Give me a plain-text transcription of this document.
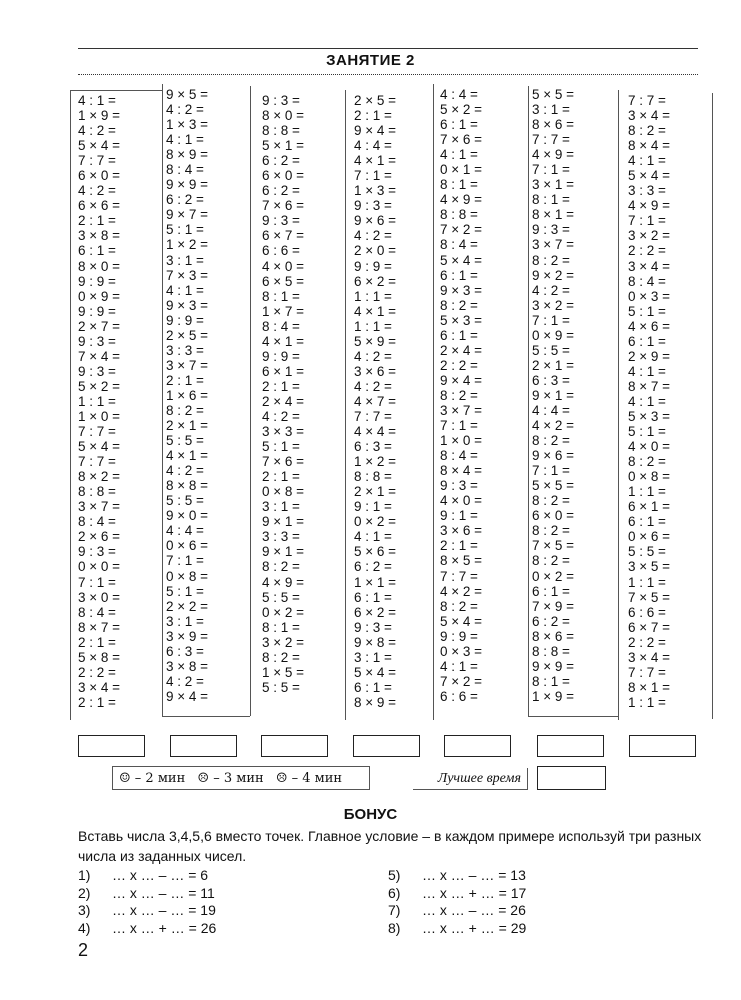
ЗАНЯТИЕ 2
4 : 1 =
1 × 9 =
4 : 2 =
5 × 4 =
7 : 7 =
6 × 0 =
4 : 2 =
6 × 6 =
2 : 1 =
3 × 8 =
6 : 1 =
8 × 0 =
9 : 9 =
0 × 9 =
9 : 9 =
2 × 7 =
9 : 3 =
7 × 4 =
9 : 3 =
5 × 2 =
1 : 1 =
1 × 0 =
7 : 7 =
5 × 4 =
7 : 7 =
8 × 2 =
8 : 8 =
3 × 7 =
8 : 4 =
2 × 6 =
9 : 3 =
0 × 0 =
7 : 1 =
3 × 0 =
8 : 4 =
8 × 7 =
2 : 1 =
5 × 8 =
2 : 2 =
3 × 4 =
2 : 1 =
9 × 5 =
4 : 2 =
1 × 3 =
4 : 1 =
8 × 9 =
8 : 4 =
9 × 9 =
6 : 2 =
9 × 7 =
5 : 1 =
1 × 2 =
3 : 1 =
7 × 3 =
4 : 1 =
9 × 3 =
9 : 9 =
2 × 5 =
3 : 3 =
3 × 7 =
2 : 1 =
1 × 6 =
8 : 2 =
2 × 1 =
5 : 5 =
4 × 1 =
4 : 2 =
8 × 8 =
5 : 5 =
9 × 0 =
4 : 4 =
0 × 6 =
7 : 1 =
0 × 8 =
5 : 1 =
2 × 2 =
3 : 1 =
3 × 9 =
6 : 3 =
3 × 8 =
4 : 2 =
9 × 4 =
9 : 3 =
8 × 0 =
8 : 8 =
5 × 1 =
6 : 2 =
6 × 0 =
6 : 2 =
7 × 6 =
9 : 3 =
6 × 7 =
6 : 6 =
4 × 0 =
6 × 5 =
8 : 1 =
1 × 7 =
8 : 4 =
4 × 1 =
9 : 9 =
6 × 1 =
2 : 1 =
2 × 4 =
4 : 2 =
3 × 3 =
5 : 1 =
7 × 6 =
2 : 1 =
0 × 8 =
3 : 1 =
9 × 1 =
3 : 3 =
9 × 1 =
8 : 2 =
4 × 9 =
5 : 5 =
0 × 2 =
8 : 1 =
3 × 2 =
8 : 2 =
1 × 5 =
5 : 5 =
2 × 5 =
2 : 1 =
9 × 4 =
4 : 4 =
4 × 1 =
7 : 1 =
1 × 3 =
9 : 3 =
9 × 6 =
4 : 2 =
2 × 0 =
9 : 9 =
6 × 2 =
1 : 1 =
4 × 1 =
1 : 1 =
5 × 9 =
4 : 2 =
3 × 6 =
4 : 2 =
4 × 7 =
7 : 7 =
4 × 4 =
6 : 3 =
1 × 2 =
8 : 8 =
2 × 1 =
9 : 1 =
0 × 2 =
4 : 1 =
5 × 6 =
6 : 2 =
1 × 1 =
6 : 1 =
6 × 2 =
9 : 3 =
9 × 8 =
3 : 1 =
5 × 4 =
6 : 1 =
8 × 9 =
4 : 4 =
5 × 2 =
6 : 1 =
7 × 6 =
4 : 1 =
0 × 1 =
8 : 1 =
4 × 9 =
8 : 8 =
7 × 2 =
8 : 4 =
5 × 4 =
6 : 1 =
9 × 3 =
8 : 2 =
5 × 3 =
6 : 1 =
2 × 4 =
2 : 2 =
9 × 4 =
8 : 2 =
3 × 7 =
7 : 1 =
1 × 0 =
8 : 4 =
8 × 4 =
9 : 3 =
4 × 0 =
9 : 1 =
3 × 6 =
2 : 1 =
8 × 5 =
7 : 7 =
4 × 2 =
8 : 2 =
5 × 4 =
9 : 9 =
0 × 3 =
4 : 1 =
7 × 2 =
6 : 6 =
5 × 5 =
3 : 1 =
8 × 6 =
7 : 7 =
4 × 9 =
7 : 1 =
3 × 1 =
8 : 1 =
8 × 1 =
9 : 3 =
3 × 7 =
8 : 2 =
9 × 2 =
4 : 2 =
3 × 2 =
7 : 1 =
0 × 9 =
5 : 5 =
2 × 1 =
6 : 3 =
9 × 1 =
4 : 4 =
4 × 2 =
8 : 2 =
9 × 6 =
7 : 1 =
5 × 5 =
8 : 2 =
6 × 0 =
8 : 2 =
7 × 5 =
8 : 2 =
0 × 2 =
6 : 1 =
7 × 9 =
6 : 2 =
8 × 6 =
8 : 8 =
9 × 9 =
8 : 1 =
1 × 9 =
7 : 7 =
3 × 4 =
8 : 2 =
8 × 4 =
4 : 1 =
5 × 4 =
3 : 3 =
4 × 9 =
7 : 1 =
3 × 2 =
2 : 2 =
3 × 4 =
8 : 4 =
0 × 3 =
5 : 1 =
4 × 6 =
6 : 1 =
2 × 9 =
4 : 1 =
8 × 7 =
4 : 1 =
5 × 3 =
5 : 1 =
4 × 0 =
8 : 2 =
0 × 8 =
1 : 1 =
6 × 1 =
6 : 1 =
0 × 6 =
5 : 5 =
3 × 5 =
1 : 1 =
7 × 5 =
6 : 6 =
6 × 7 =
2 : 2 =
3 × 4 =
7 : 7 =
8 × 1 =
1 : 1 =
☺ – 2 мин ☹ – 3 мин ☹ – 4 мин	Лучшее время
БОНУС
Вставь числа 3,4,5,6 вместо точек. Главное условие – в каждом примере используй три разных числа из заданных чисел.
1) … x … – … = 6
2) … x … – … = 11
3) … x … – … = 19
4) … x … + … = 26
5) … x … – … = 13
6) … x … + … = 17
7) … x … – … = 26
8) … x … + … = 29
2
